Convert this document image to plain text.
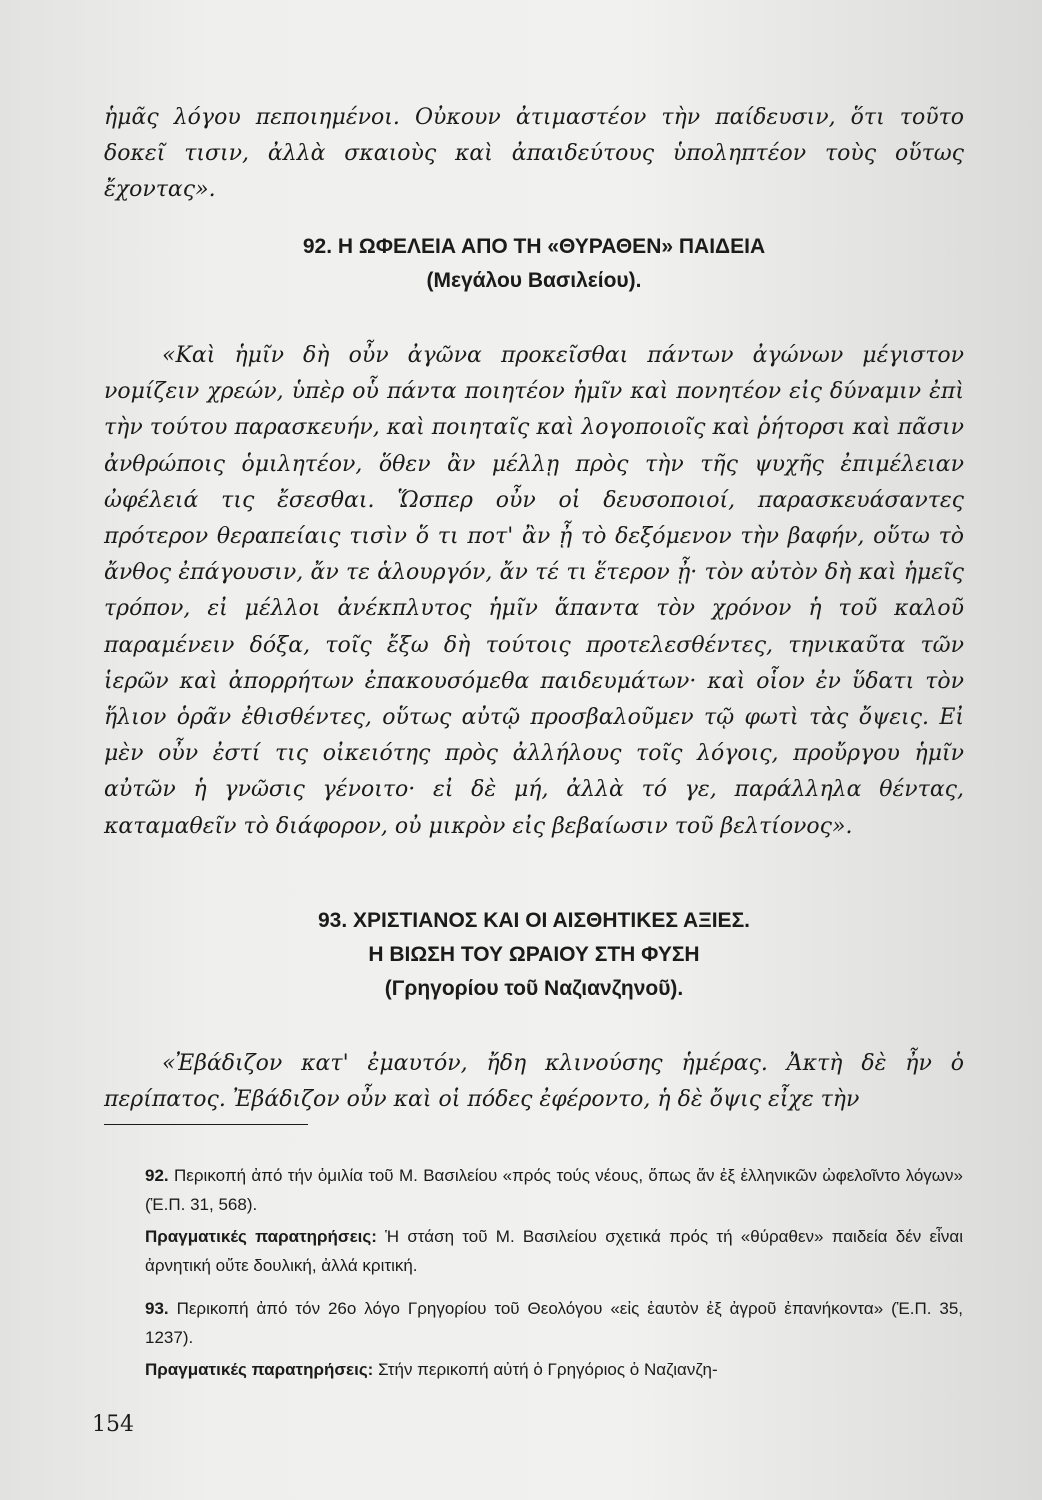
ἡμᾶς λόγου πεποιημένοι. Οὐκουν ἀτιμαστέον τὴν παίδευσιν, ὅτι τοῦτο δοκεῖ τισιν, ἀλλὰ σκαιοὺς καὶ ἀπαιδεύτους ὑποληπτέον τοὺς οὕτως ἔχοντας».

92. Η ΩΦΕΛΕΙΑ ΑΠΟ ΤΗ «ΘΥΡΑΘΕΝ» ΠΑΙΔΕΙΑ
(Μεγάλου Βασιλείου).

«Καὶ ἡμῖν δὴ οὖν ἀγῶνα προκεῖσθαι πάντων ἀγώνων μέγιστον νομίζειν χρεών, ὑπὲρ οὗ πάντα ποιητέον ἡμῖν καὶ πονητέον εἰς δύναμιν ἐπὶ τὴν τούτου παρασκευήν, καὶ ποιηταῖς καὶ λογοποιοῖς καὶ ῥήτορσι καὶ πᾶσιν ἀνθρώποις ὁμιλητέον, ὅθεν ἂν μέλλῃ πρὸς τὴν τῆς ψυχῆς ἐπιμέλειαν ὠφέλειά τις ἔσεσθαι. Ὥσπερ οὖν οἱ δευσοποιοί, παρασκευάσαντες πρότερον θεραπείαις τισὶν ὅ τι ποτ' ἂν ᾖ τὸ δεξόμενον τὴν βαφήν, οὕτω τὸ ἄνθος ἐπάγουσιν, ἄν τε ἁλουργόν, ἄν τέ τι ἕτερον ᾖ· τὸν αὐτὸν δὴ καὶ ἡμεῖς τρόπον, εἰ μέλλοι ἀνέκπλυτος ἡμῖν ἅπαντα τὸν χρόνον ἡ τοῦ καλοῦ παραμένειν δόξα, τοῖς ἔξω δὴ τούτοις προτελεσθέντες, τηνικαῦτα τῶν ἱερῶν καὶ ἀπορρήτων ἐπακουσόμεθα παιδευμάτων· καὶ οἷον ἐν ὕδατι τὸν ἥλιον ὁρᾶν ἐθισθέντες, οὕτως αὐτῷ προσβαλοῦμεν τῷ φωτὶ τὰς ὄψεις. Εἰ μὲν οὖν ἐστί τις οἰκειότης πρὸς ἀλλήλους τοῖς λόγοις, προὔργου ἡμῖν αὐτῶν ἡ γνῶσις γένοιτο· εἰ δὲ μή, ἀλλὰ τό γε, παράλληλα θέντας, καταμαθεῖν τὸ διάφορον, οὐ μικρὸν εἰς βεβαίωσιν τοῦ βελτίονος».

93. ΧΡΙΣΤΙΑΝΟΣ ΚΑΙ ΟΙ ΑΙΣΘΗΤΙΚΕΣ ΑΞΙΕΣ.
Η ΒΙΩΣΗ ΤΟΥ ΩΡΑΙΟΥ ΣΤΗ ΦΥΣΗ
(Γρηγορίου τοῦ Ναζιανζηνοῦ).

«Ἐβάδιζον κατ' ἐμαυτόν, ἤδη κλινούσης ἡμέρας. Ἀκτὴ δὲ ἦν ὁ περίπατος. Ἐβάδιζον οὖν καὶ οἱ πόδες ἐφέροντο, ἡ δὲ ὄψις εἶχε τὴν

92. Περικοπή ἀπό τήν ὁμιλία τοῦ Μ. Βασιλείου «πρός τούς νέους, ὅπως ἄν ἐξ ἑλληνικῶν ὠφελοῖντο λόγων» (Ἑ.Π. 31, 568).

Πραγματικές παρατηρήσεις: Ἡ στάση τοῦ Μ. Βασιλείου σχετικά πρός τή «θύραθεν» παιδεία δέν εἶναι ἀρνητική οὔτε δουλική, ἀλλά κριτική.

93. Περικοπή ἀπό τόν 26ο λόγο Γρηγορίου τοῦ Θεολόγου «εἰς ἑαυτὸν ἐξ ἀγροῦ ἐπανήκοντα» (Ἑ.Π. 35, 1237).

Πραγματικές παρατηρήσεις: Στήν περικοπή αὐτή ὁ Γρηγόριος ὁ Ναζιανζη-

154
